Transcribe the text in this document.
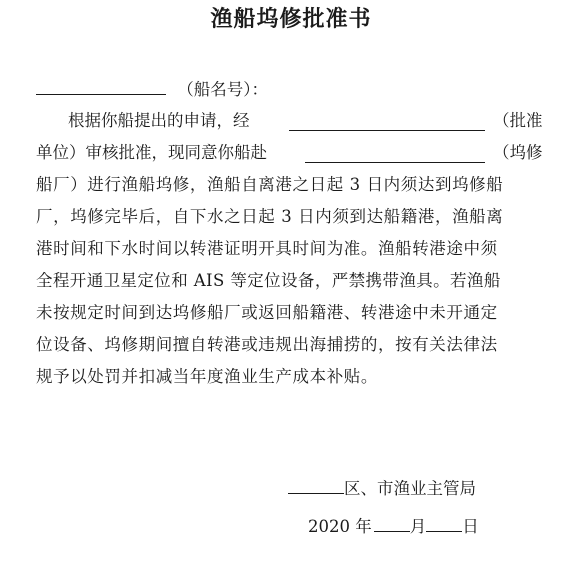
渔船坞修批准书
（船名号）：
根据你船提出的申请，经	（批准
单位）审核批准，现同意你船赴	（坞修
船厂）进行渔船坞修，渔船自离港之日起 3 日内须达到坞修船
厂，坞修完毕后，自下水之日起 3 日内须到达船籍港，渔船离
港时间和下水时间以转港证明开具时间为准。渔船转港途中须
全程开通卫星定位和 AIS 等定位设备，严禁携带渔具。若渔船
未按规定时间到达坞修船厂或返回船籍港、转港途中未开通定
位设备、坞修期间擅自转港或违规出海捕捞的，按有关法律法
规予以处罚并扣减当年度渔业生产成本补贴。
区、市渔业主管局
2020 年 月 日
